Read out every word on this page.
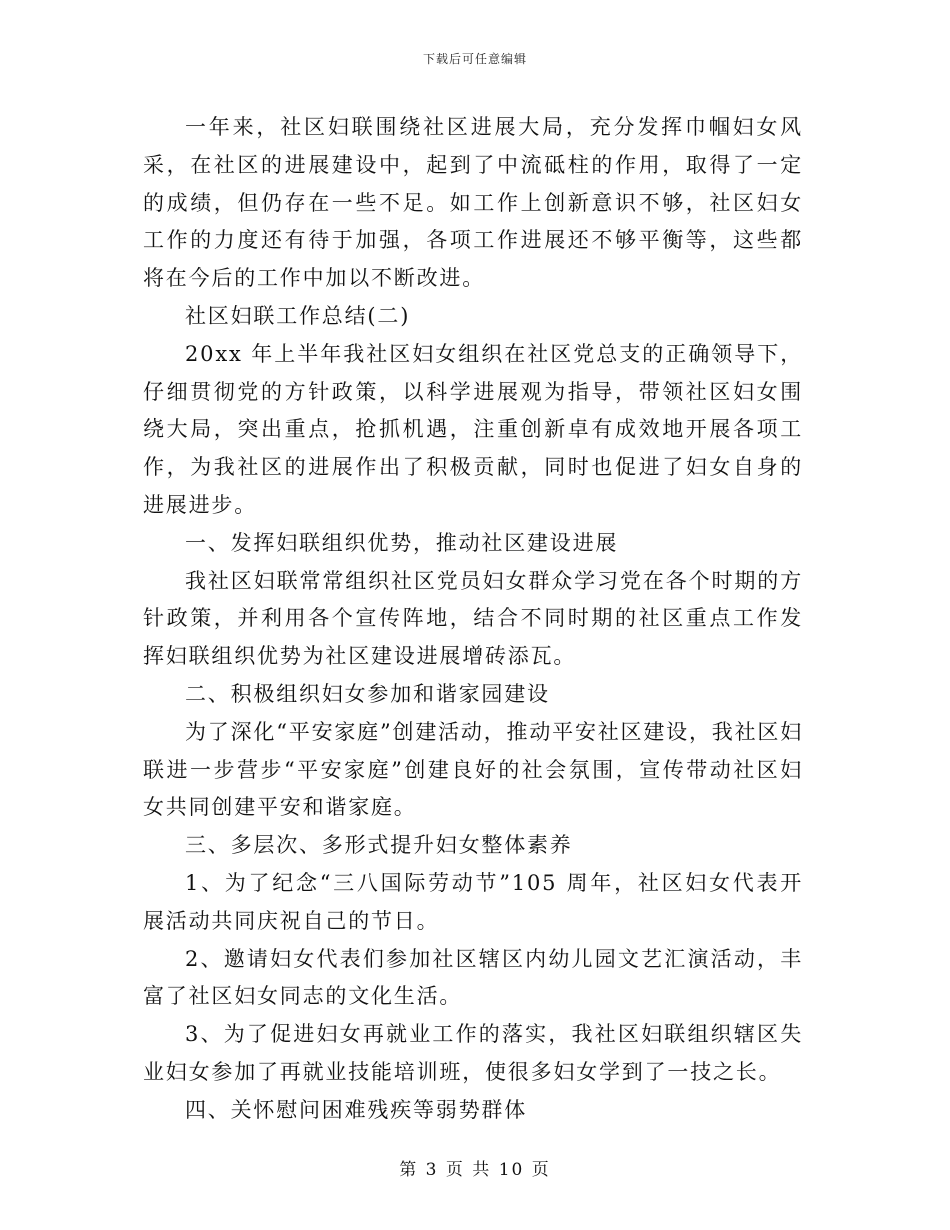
下载后可任意编辑

一年来，社区妇联围绕社区进展大局，充分发挥巾帼妇女风采，在社区的进展建设中，起到了中流砥柱的作用，取得了一定的成绩，但仍存在一些不足。如工作上创新意识不够，社区妇女工作的力度还有待于加强，各项工作进展还不够平衡等，这些都将在今后的工作中加以不断改进。

社区妇联工作总结(二)

20xx 年上半年我社区妇女组织在社区党总支的正确领导下，仔细贯彻党的方针政策，以科学进展观为指导，带领社区妇女围绕大局，突出重点，抢抓机遇，注重创新卓有成效地开展各项工作，为我社区的进展作出了积极贡献，同时也促进了妇女自身的进展进步。

一、发挥妇联组织优势，推动社区建设进展

我社区妇联常常组织社区党员妇女群众学习党在各个时期的方针政策，并利用各个宣传阵地，结合不同时期的社区重点工作发挥妇联组织优势为社区建设进展增砖添瓦。

二、积极组织妇女参加和谐家园建设

为了深化“平安家庭”创建活动，推动平安社区建设，我社区妇联进一步营步“平安家庭”创建良好的社会氛围，宣传带动社区妇女共同创建平安和谐家庭。

三、多层次、多形式提升妇女整体素养

1、为了纪念“三八国际劳动节”105 周年，社区妇女代表开展活动共同庆祝自己的节日。

2、邀请妇女代表们参加社区辖区内幼儿园文艺汇演活动，丰富了社区妇女同志的文化生活。

3、为了促进妇女再就业工作的落实，我社区妇联组织辖区失业妇女参加了再就业技能培训班，使很多妇女学到了一技之长。

四、关怀慰问困难残疾等弱势群体

第 3 页 共 10 页
